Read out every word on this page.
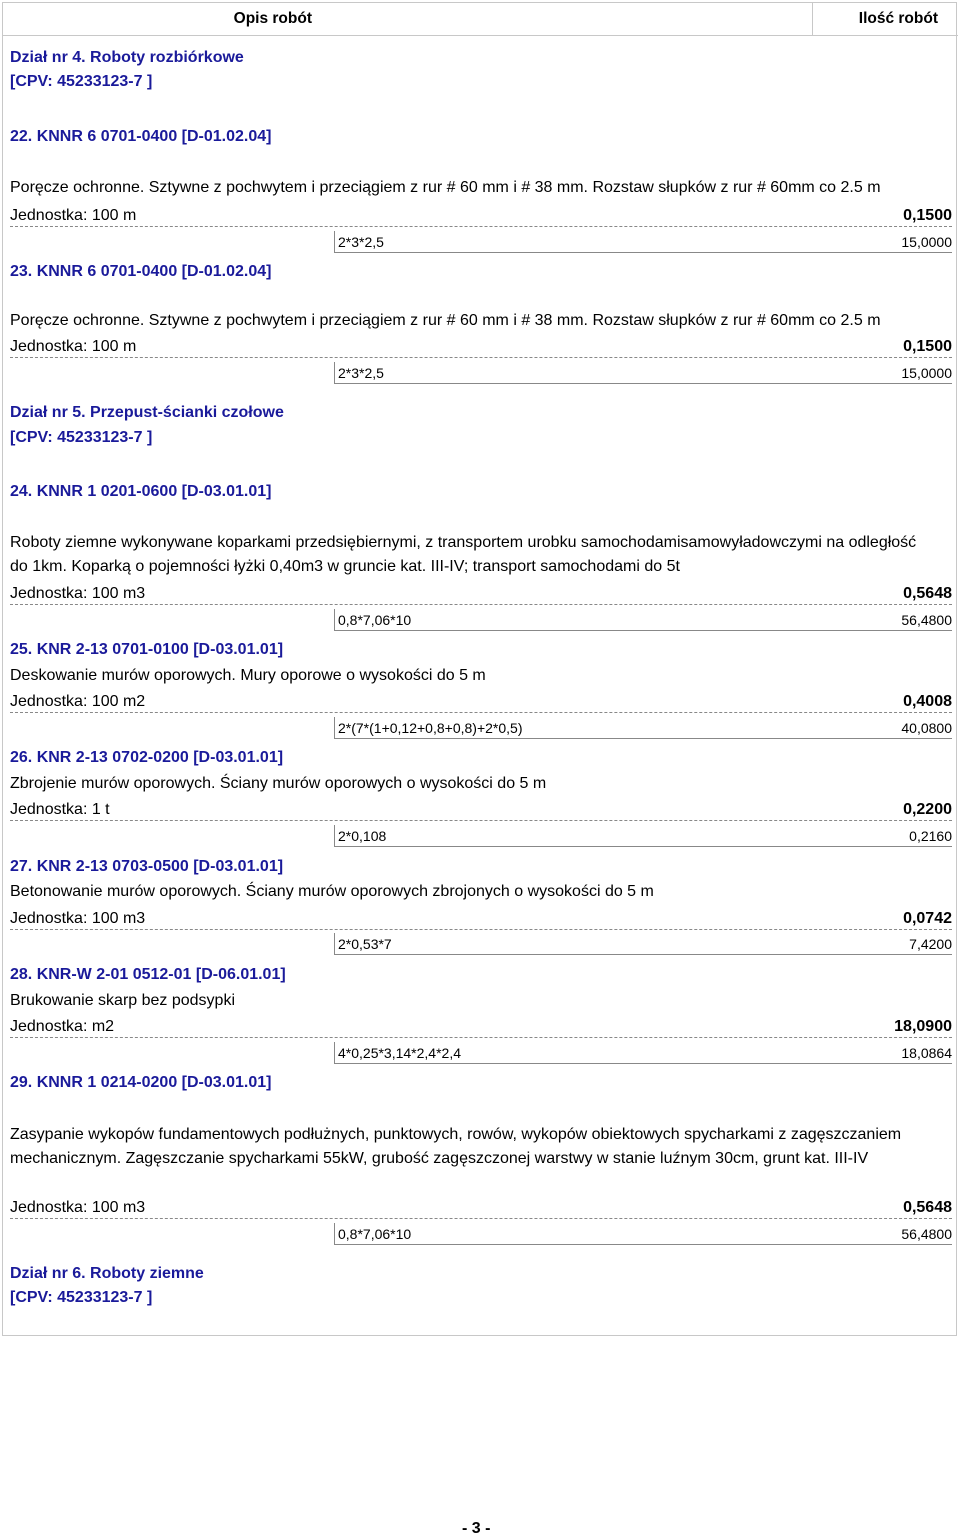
Opis robót	Ilość robót
Dział nr 4. Roboty rozbiórkowe
[CPV: 45233123-7 ]
22. KNNR 6 0701-0400 [D-01.02.04]
Poręcze ochronne. Sztywne z pochwytem i przeciągiem z rur # 60 mm i # 38 mm. Rozstaw słupków z rur # 60mm co 2.5 m
Jednostka: 100 m	0,1500
2*3*2,5	15,0000
23. KNNR 6 0701-0400 [D-01.02.04]
Poręcze ochronne. Sztywne z pochwytem i przeciągiem z rur # 60 mm i # 38 mm. Rozstaw słupków z rur # 60mm co 2.5 m
Jednostka: 100 m	0,1500
2*3*2,5	15,0000
Dział nr 5. Przepust-ścianki czołowe
[CPV: 45233123-7 ]
24. KNNR 1 0201-0600 [D-03.01.01]
Roboty ziemne wykonywane koparkami przedsiębiernymi, z transportem urobku samochodamisamowyładowczymi na odległość do 1km. Koparką o pojemności łyżki 0,40m3 w gruncie kat. III-IV; transport samochodami do 5t
Jednostka: 100 m3	0,5648
0,8*7,06*10	56,4800
25. KNR 2-13 0701-0100 [D-03.01.01]
Deskowanie murów oporowych. Mury oporowe o wysokości do 5 m
Jednostka: 100 m2	0,4008
2*(7*(1+0,12+0,8+0,8)+2*0,5)	40,0800
26. KNR 2-13 0702-0200 [D-03.01.01]
Zbrojenie murów oporowych. Ściany murów oporowych o wysokości do 5 m
Jednostka: 1 t	0,2200
2*0,108	0,2160
27. KNR 2-13 0703-0500 [D-03.01.01]
Betonowanie murów oporowych. Ściany murów oporowych zbrojonych o wysokości do 5 m
Jednostka: 100 m3	0,0742
2*0,53*7	7,4200
28. KNR-W 2-01 0512-01 [D-06.01.01]
Brukowanie skarp bez podsypki
Jednostka: m2	18,0900
4*0,25*3,14*2,4*2,4	18,0864
29. KNNR 1 0214-0200 [D-03.01.01]
Zasypanie wykopów fundamentowych podłużnych, punktowych, rowów, wykopów obiektowych spycharkami z zagęszczaniem mechanicznym. Zagęszczanie spycharkami 55kW, grubość zagęszczonej warstwy w stanie luźnym 30cm, grunt kat. III-IV
Jednostka: 100 m3	0,5648
0,8*7,06*10	56,4800
Dział nr 6. Roboty ziemne
[CPV: 45233123-7 ]
- 3 -
